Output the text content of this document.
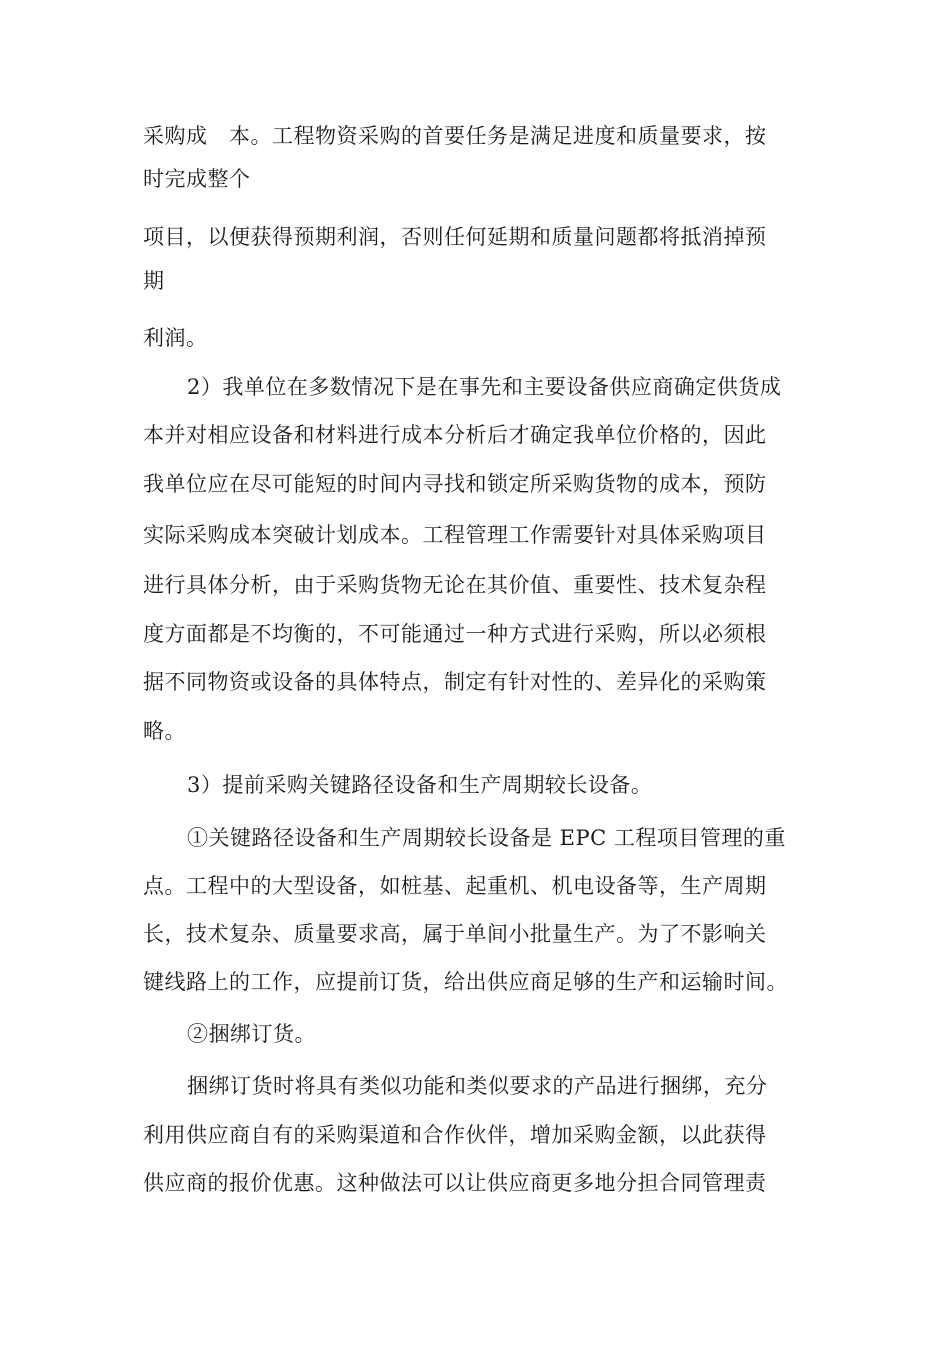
采购成　本。工程物资采购的首要任务是满足进度和质量要求，按
时完成整个
项目，以便获得预期利润，否则任何延期和质量问题都将抵消掉预
期
利润。
2）我单位在多数情况下是在事先和主要设备供应商确定供货成
本并对相应设备和材料进行成本分析后才确定我单位价格的，因此
我单位应在尽可能短的时间内寻找和锁定所采购货物的成本，预防
实际采购成本突破计划成本。工程管理工作需要针对具体采购项目
进行具体分析，由于采购货物无论在其价值、重要性、技术复杂程
度方面都是不均衡的，不可能通过一种方式进行采购，所以必须根
据不同物资或设备的具体特点，制定有针对性的、差异化的采购策
略。
3）提前采购关键路径设备和生产周期较长设备。
①关键路径设备和生产周期较长设备是 EPC 工程项目管理的重
点。工程中的大型设备，如桩基、起重机、机电设备等，生产周期
长，技术复杂、质量要求高，属于单间小批量生产。为了不影响关
键线路上的工作，应提前订货，给出供应商足够的生产和运输时间。
②捆绑订货。
捆绑订货时将具有类似功能和类似要求的产品进行捆绑，充分
利用供应商自有的采购渠道和合作伙伴，增加采购金额，以此获得
供应商的报价优惠。这种做法可以让供应商更多地分担合同管理责
